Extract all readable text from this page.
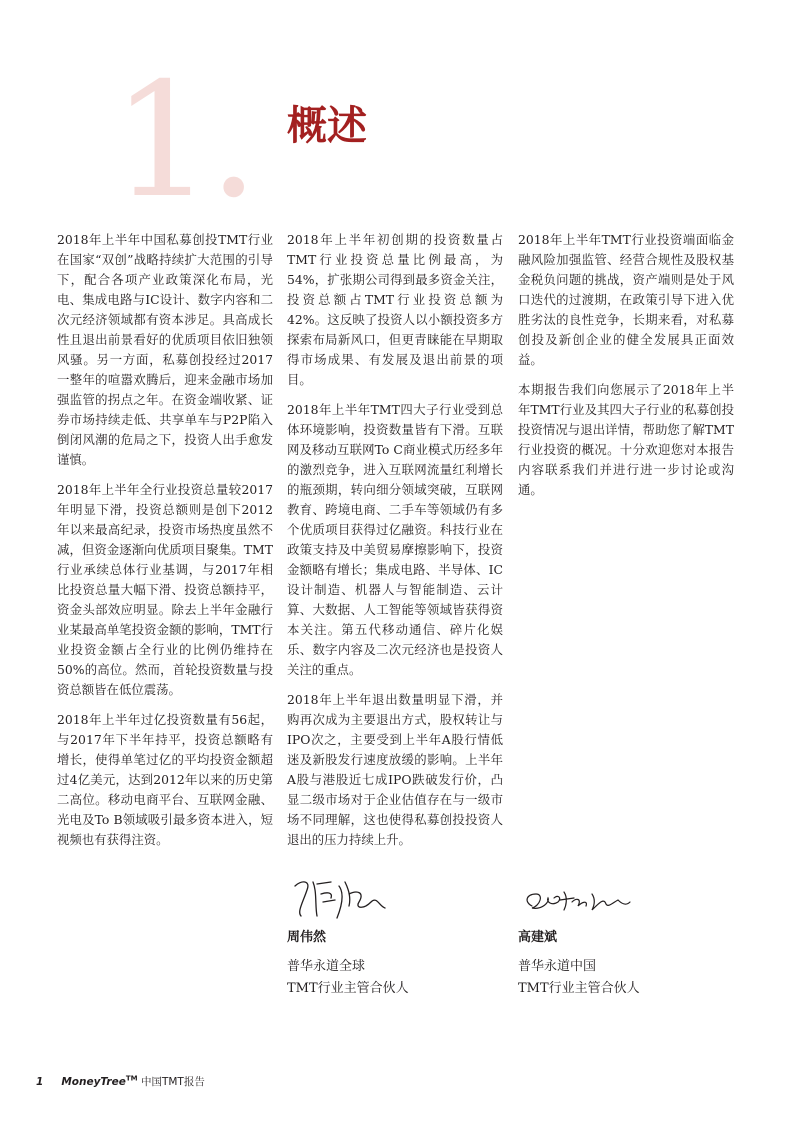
1. 概述

2018年上半年中国私募创投TMT行业在国家“双创”战略持续扩大范围的引导下，配合各项产业政策深化布局，光电、集成电路与IC设计、数字内容和二次元经济领域都有资本涉足。具高成长性且退出前景看好的优质项目依旧独领风骚。另一方面，私募创投经过2017一整年的喧嚣欢腾后，迎来金融市场加强监管的拐点之年。在资金端收紧、证券市场持续走低、共享单车与P2P陷入倒闭风潮的危局之下，投资人出手愈发谨慎。

2018年上半年全行业投资总量较2017年明显下滑，投资总额则是创下2012年以来最高纪录，投资市场热度虽然不减，但资金逐渐向优质项目聚集。TMT行业承续总体行业基调，与2017年相比投资总量大幅下滑、投资总额持平，资金头部效应明显。除去上半年金融行业某最高单笔投资金额的影响，TMT行业投资金额占全行业的比例仍维持在50%的高位。然而，首轮投资数量与投资总额皆在低位震荡。

2018年上半年过亿投资数量有56起，与2017年下半年持平，投资总额略有增长，使得单笔过亿的平均投资金额超过4亿美元，达到2012年以来的历史第二高位。移动电商平台、互联网金融、光电及To B领域吸引最多资本进入，短视频也有获得注资。

2018年上半年初创期的投资数量占TMT行业投资总量比例最高，为54%，扩张期公司得到最多资金关注，投资总额占TMT行业投资总额为42%。这反映了投资人以小额投资多方探索布局新风口，但更青睐能在早期取得市场成果、有发展及退出前景的项目。

2018年上半年TMT四大子行业受到总体环境影响，投资数量皆有下滑。互联网及移动互联网To C商业模式历经多年的激烈竞争，进入互联网流量红利增长的瓶颈期，转向细分领域突破，互联网教育、跨境电商、二手车等领域仍有多个优质项目获得过亿融资。科技行业在政策支持及中美贸易摩擦影响下，投资金额略有增长；集成电路、半导体、IC设计制造、机器人与智能制造、云计算、大数据、人工智能等领域皆获得资本关注。第五代移动通信、碎片化娱乐、数字内容及二次元经济也是投资人关注的重点。

2018年上半年退出数量明显下滑，并购再次成为主要退出方式，股权转让与IPO次之，主要受到上半年A股行情低迷及新股发行速度放缓的影响。上半年A股与港股近七成IPO跌破发行价，凸显二级市场对于企业估值存在与一级市场不同理解，这也使得私募创投投资人退出的压力持续上升。

2018年上半年TMT行业投资端面临金融风险加强监管、经营合规性及股权基金税负问题的挑战，资产端则是处于风口迭代的过渡期，在政策引导下进入优胜劣汰的良性竞争，长期来看，对私募创投及新创企业的健全发展具正面效益。

本期报告我们向您展示了2018年上半年TMT行业及其四大子行业的私募创投投资情况与退出详情，帮助您了解TMT行业投资的概况。十分欢迎您对本报告内容联系我们并进行进一步讨论或沟通。

周伟然
普华永道全球
TMT行业主管合伙人
高建斌
普华永道中国
TMT行业主管合伙人
1 MoneyTree™ 中国TMT报告
